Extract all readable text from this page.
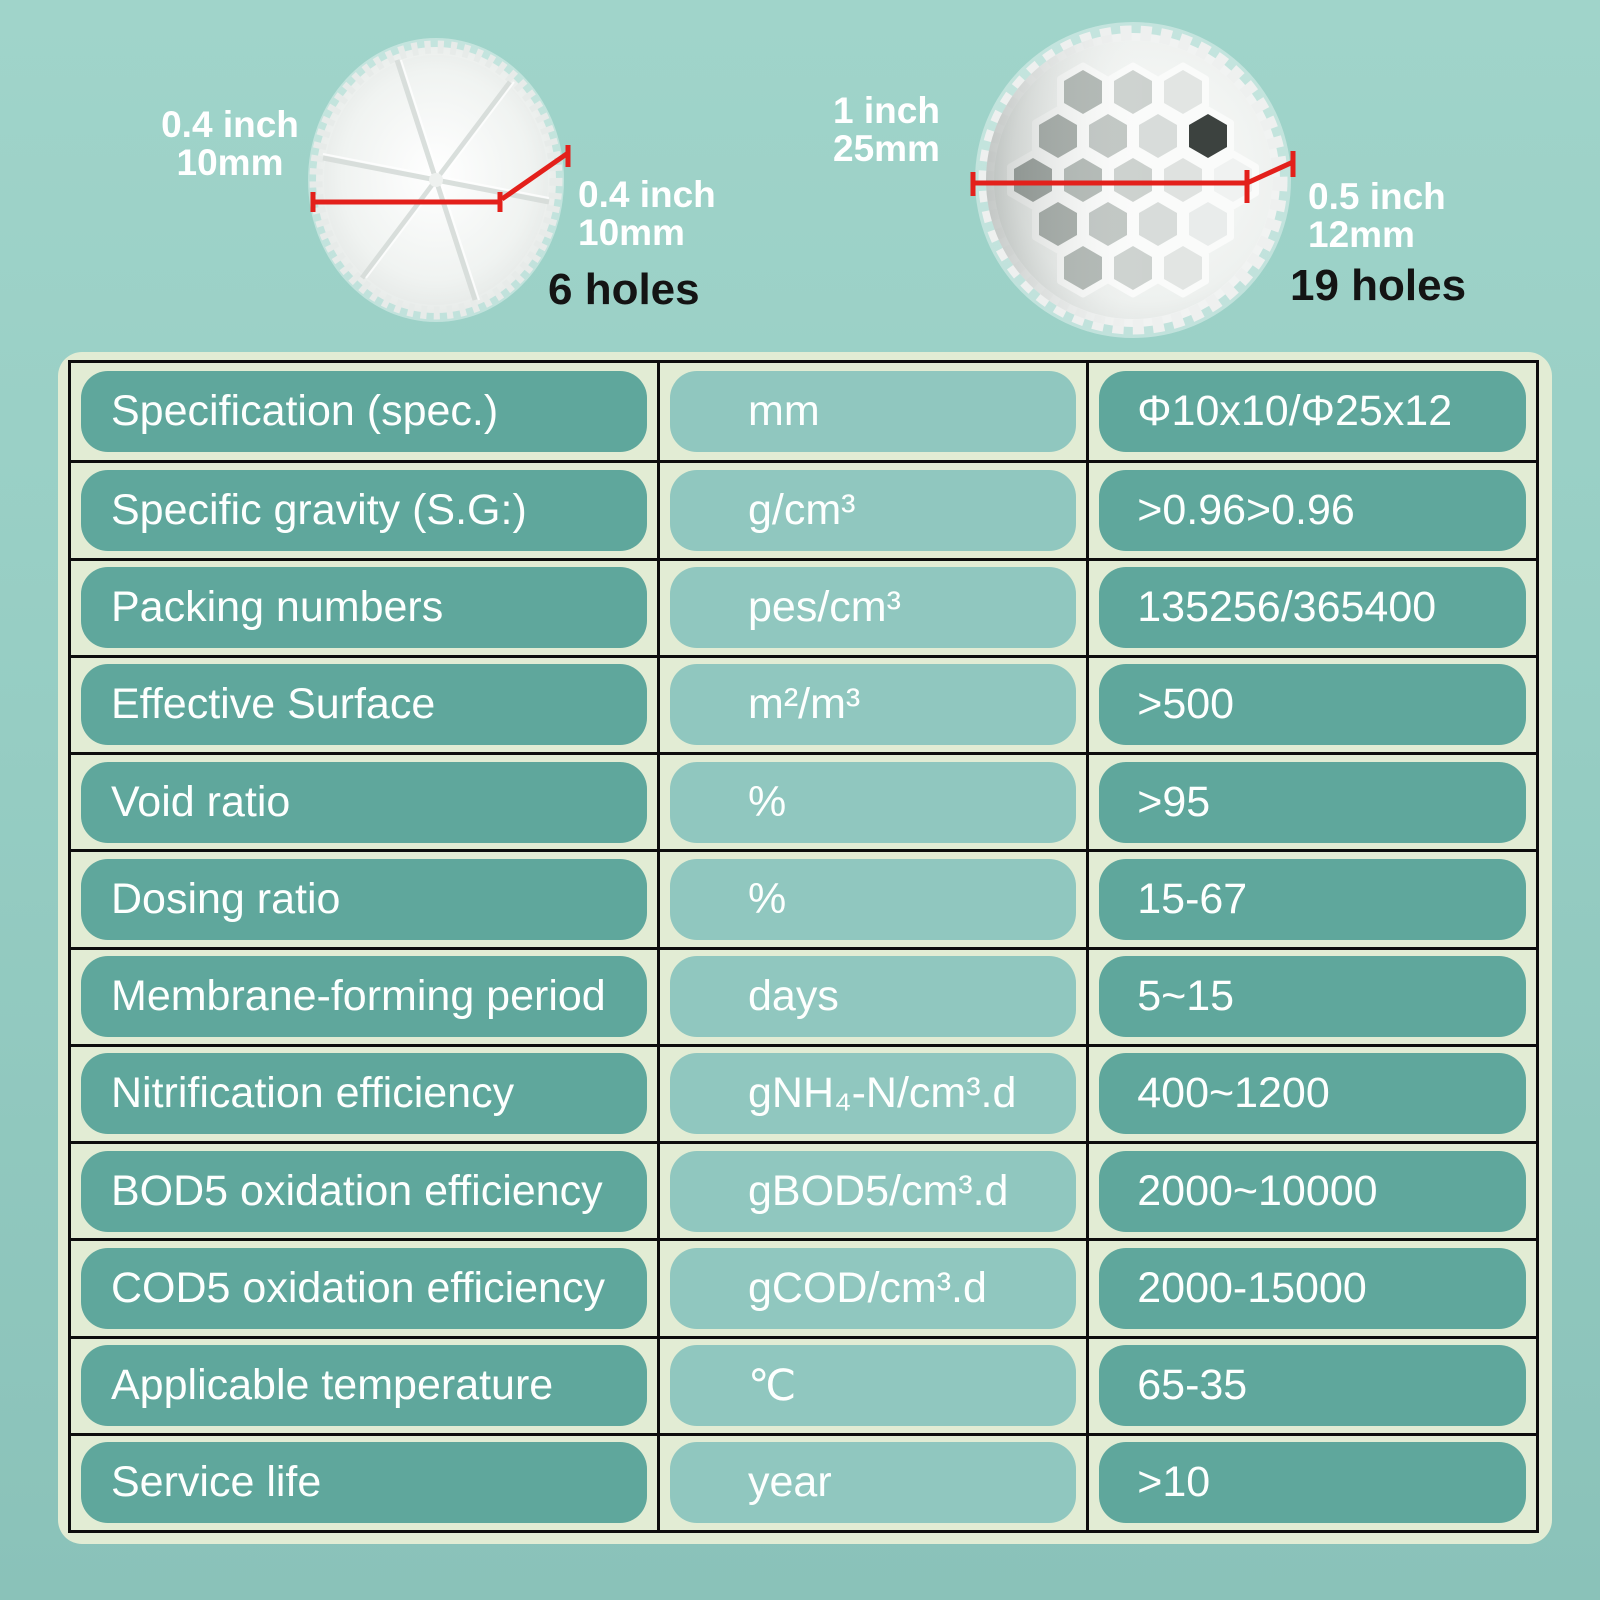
0.4 inch
10mm
0.4 inch
10mm
6 holes
1 inch
25mm
0.5 inch
12mm
19 holes
Specification (spec.)	mm	Φ10x10/Φ25x12
Specific gravity (S.G:)	g/cm³	>0.96>0.96
Packing numbers	pes/cm³	135256/365400
Effective Surface	m²/m³	>500
Void ratio	%	>95
Dosing ratio	%	15-67
Membrane-forming period	days	5~15
Nitrification efficiency	gNH₄-N/cm³.d	400~1200
BOD5 oxidation efficiency	gBOD5/cm³.d	2000~10000
COD5 oxidation efficiency	gCOD/cm³.d	2000-15000
Applicable temperature	℃	65-35
Service life	year	>10
